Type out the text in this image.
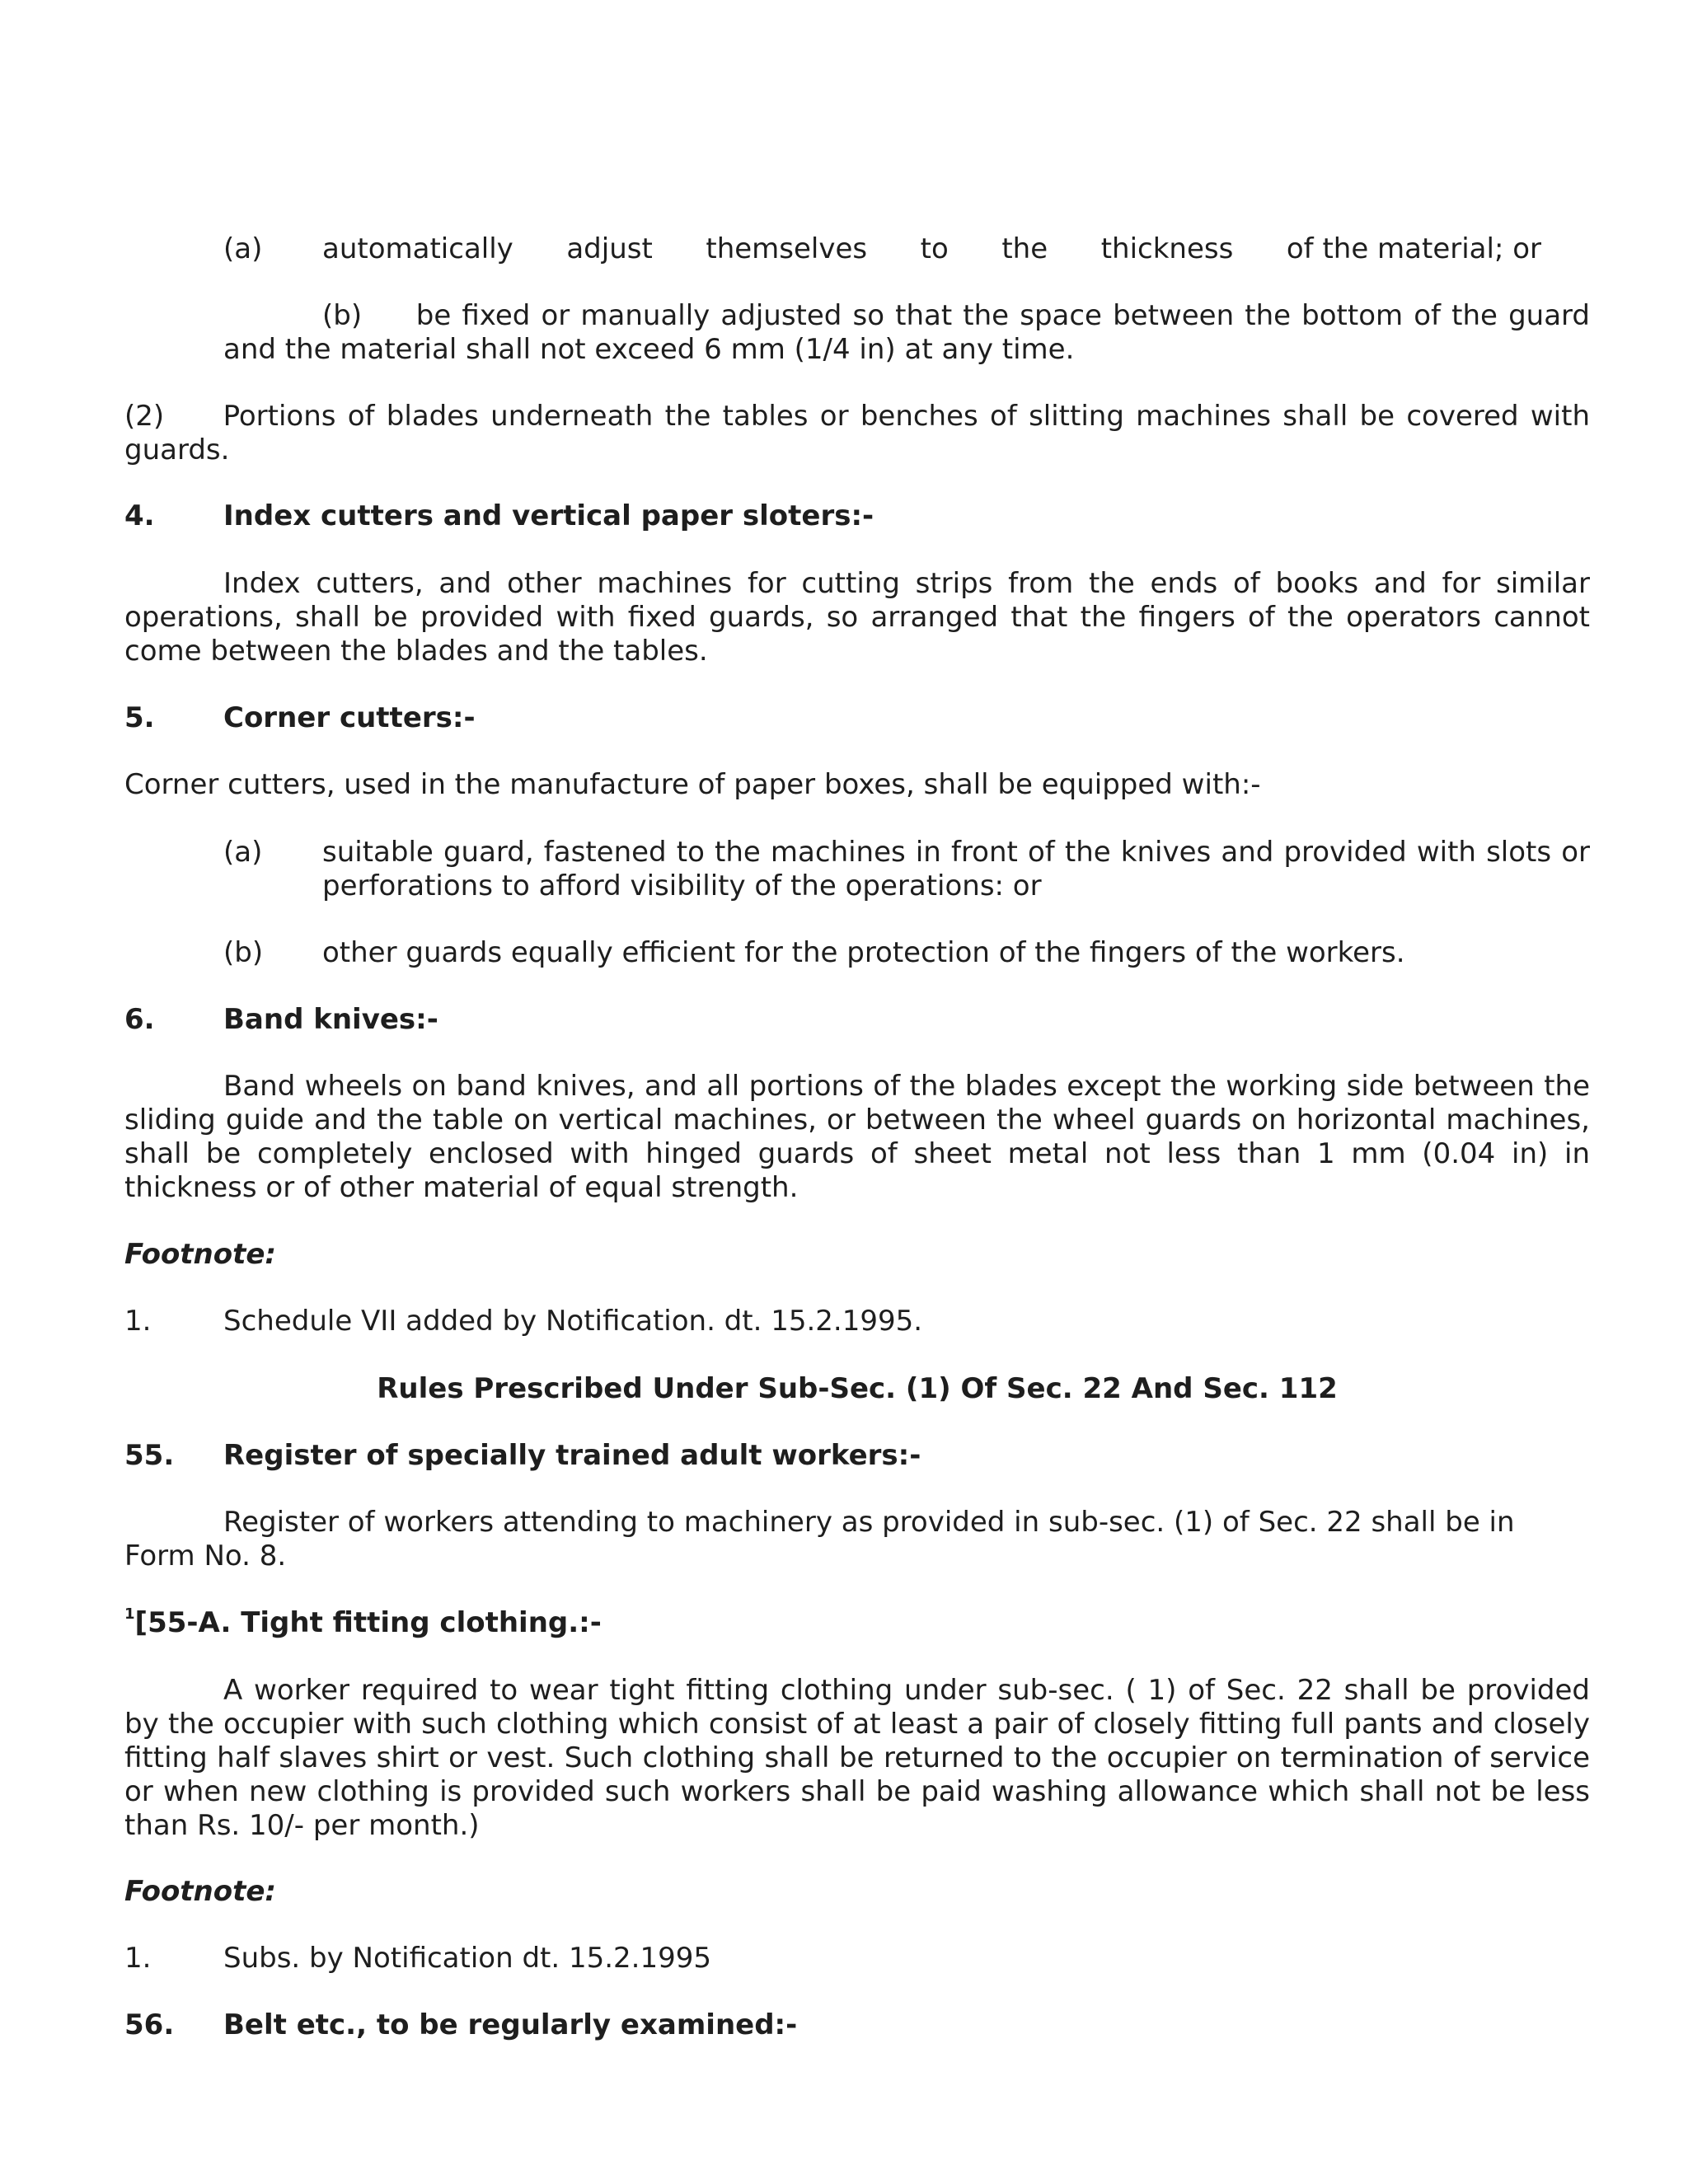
(a) automatically adjust themselves to the thickness of the material; or
(b) be fixed or manually adjusted so that the space between the bottom of the guard and the material shall not exceed 6 mm (1/4 in) at any time.
(2) Portions of blades underneath the tables or benches of slitting machines shall be covered with guards.
4. Index cutters and vertical paper sloters:-
Index cutters, and other machines for cutting strips from the ends of books and for similar operations, shall be provided with fixed guards, so arranged that the fingers of the operators cannot come between the blades and the tables.
5. Corner cutters:-
Corner cutters, used in the manufacture of paper boxes, shall be equipped with:-
(a) suitable guard, fastened to the machines in front of the knives and provided with slots or perforations to afford visibility of the operations: or
(b) other guards equally efficient for the protection of the fingers of the workers.
6. Band knives:-
Band wheels on band knives, and all portions of the blades except the working side between the sliding guide and the table on vertical machines, or between the wheel guards on horizontal machines, shall be completely enclosed with hinged guards of sheet metal not less than 1 mm (0.04 in) in thickness or of other material of equal strength.
Footnote:
1.	Schedule VII added by Notification. dt. 15.2.1995.
Rules Prescribed Under Sub-Sec. (1) Of Sec. 22 And Sec. 112
55. Register of specially trained adult workers:-
Register of workers attending to machinery as provided in sub-sec. (1) of Sec. 22 shall be in Form No. 8.
$^1$[55-A. Tight fitting clothing.:-
A worker required to wear tight fitting clothing under sub-sec. ( 1) of Sec. 22 shall be provided by the occupier with such clothing which consist of at least a pair of closely fitting full pants and closely fitting half slaves shirt or vest. Such clothing shall be returned to the occupier on termination of service or when new clothing is provided such workers shall be paid washing allowance which shall not be less than Rs. 10/- per month.)
Footnote:
1.	Subs. by Notification dt. 15.2.1995
56. Belt etc., to be regularly examined:-
